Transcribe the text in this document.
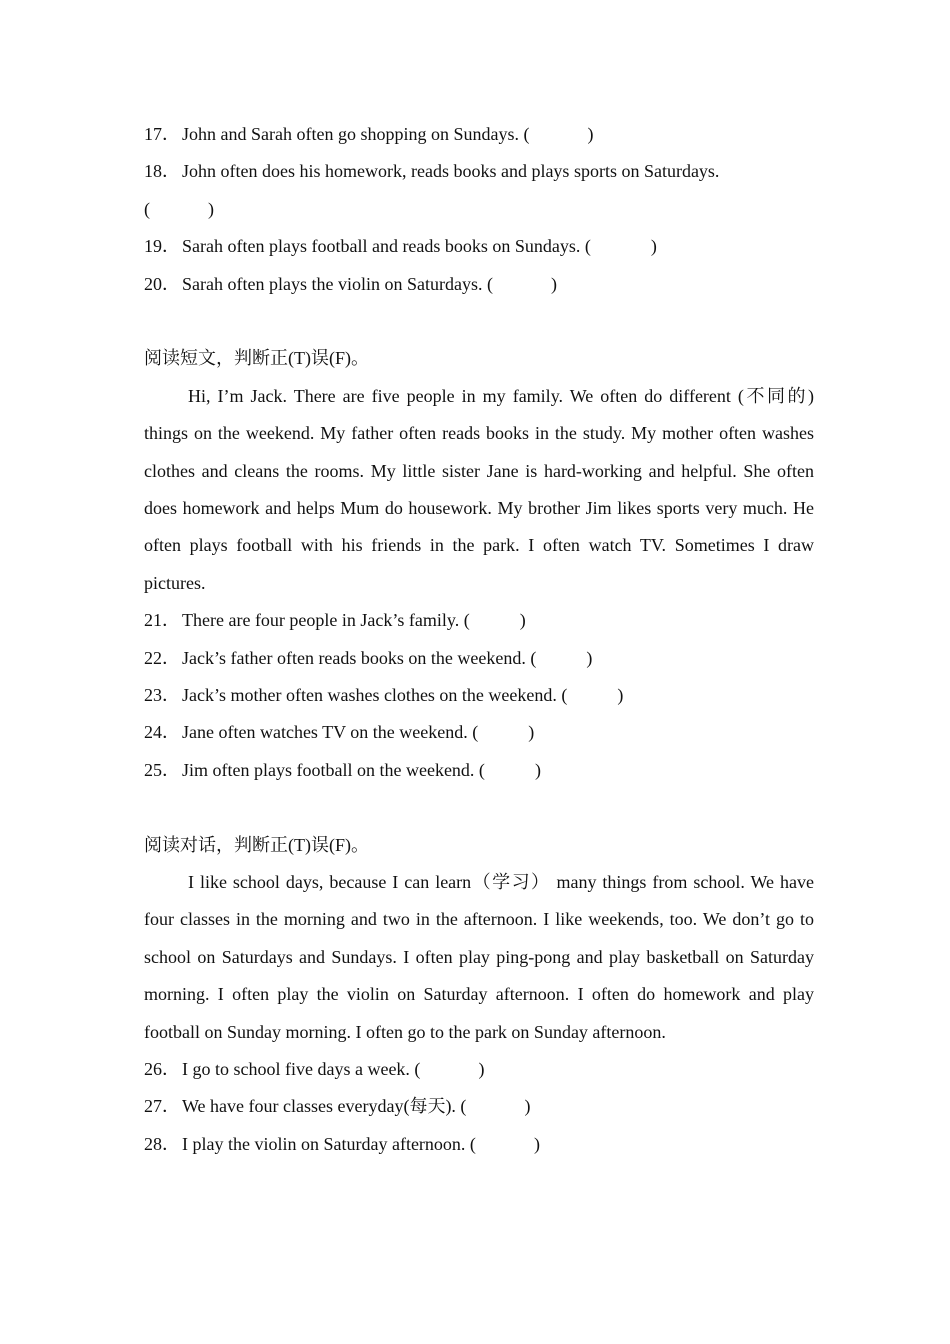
17． John and Sarah often go shopping on Sundays. (	)
18． John often does his homework, reads books and plays sports on Saturdays.
(	)
19． Sarah often plays football and reads books on Sundays. (	)
20． Sarah often plays the violin on Saturdays. (	)
阅读短文，判断正(T)误(F)。
Hi, I’m Jack. There are five people in my family. We often do different (不同的) things on the weekend. My father often reads books in the study. My mother often washes clothes and cleans the rooms. My little sister Jane is hard-working and helpful. She often does homework and helps Mum do housework. My brother Jim likes sports very much. He often plays football with his friends in the park. I often watch TV. Sometimes I draw pictures.
21． There are four people in Jack’s family. (	)
22． Jack’s father often reads books on the weekend. (	)
23． Jack’s mother often washes clothes on the weekend. (	)
24． Jane often watches TV on the weekend. (	)
25． Jim often plays football on the weekend. (	)
阅读对话，判断正(T)误(F)。
I like school days, because I can learn（学习） many things from school. We have four classes in the morning and two in the afternoon. I like weekends, too. We don’t go to school on Saturdays and Sundays. I often play ping-pong and play basketball on Saturday morning. I often play the violin on Saturday afternoon. I often do homework and play football on Sunday morning. I often go to the park on Sunday afternoon.
26． I go to school five days a week. (	)
27． We have four classes everyday(每天). (	)
28． I play the violin on Saturday afternoon. (	)
